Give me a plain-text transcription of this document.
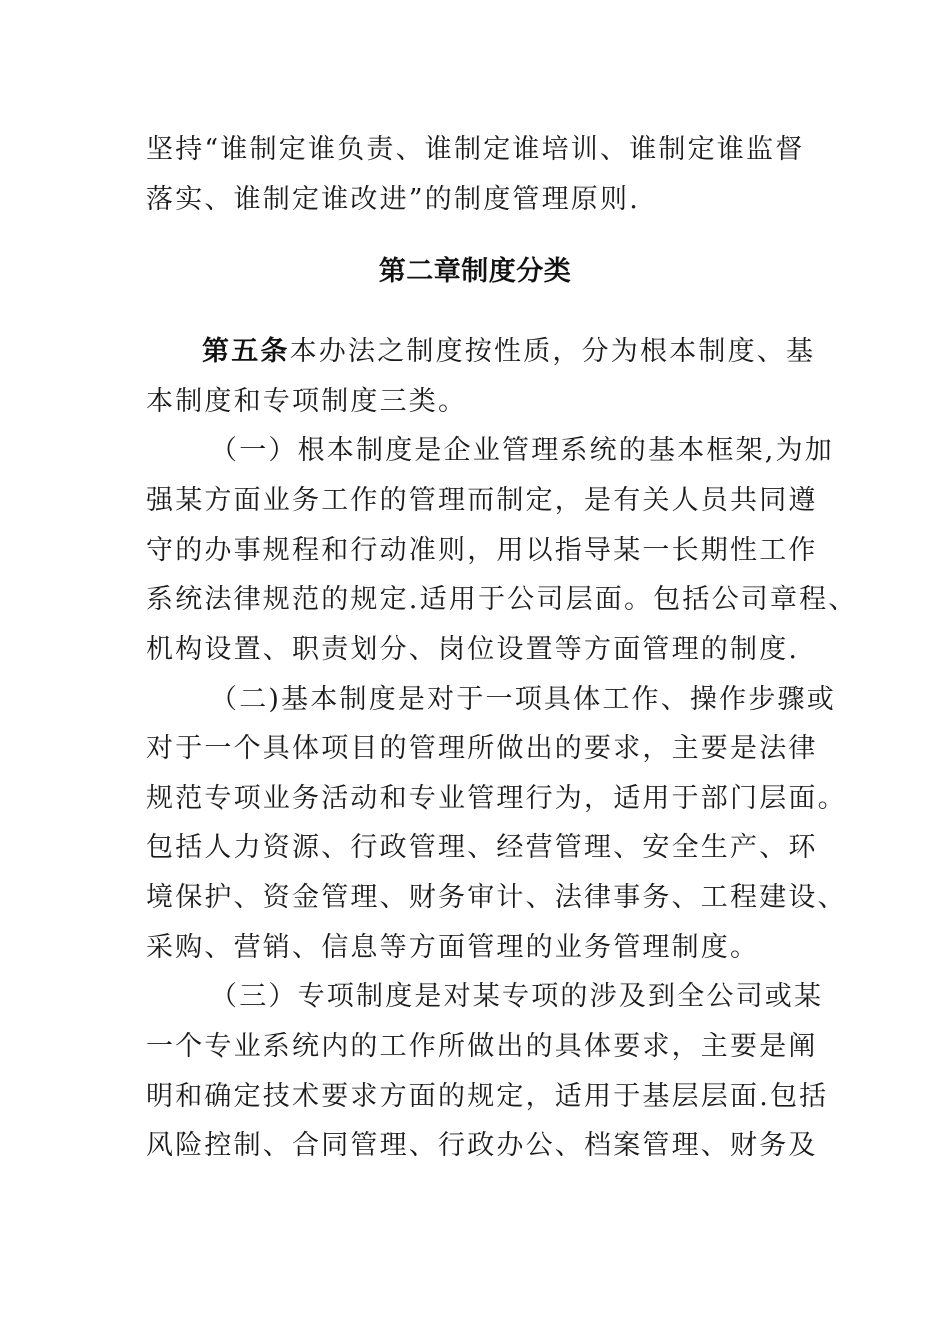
坚持“谁制定谁负责、谁制定谁培训、谁制定谁监督
落实、谁制定谁改进”的制度管理原则.
第二章制度分类
第五条本办法之制度按性质，分为根本制度、基
本制度和专项制度三类。
（一）根本制度是企业管理系统的基本框架,为加
强某方面业务工作的管理而制定，是有关人员共同遵
守的办事规程和行动准则，用以指导某一长期性工作
系统法律规范的规定.适用于公司层面。包括公司章程、
机构设置、职责划分、岗位设置等方面管理的制度.
（二)基本制度是对于一项具体工作、操作步骤或
对于一个具体项目的管理所做出的要求，主要是法律
规范专项业务活动和专业管理行为，适用于部门层面。
包括人力资源、行政管理、经营管理、安全生产、环
境保护、资金管理、财务审计、法律事务、工程建设、
采购、营销、信息等方面管理的业务管理制度。
（三）专项制度是对某专项的涉及到全公司或某
一个专业系统内的工作所做出的具体要求，主要是阐
明和确定技术要求方面的规定，适用于基层层面.包括
风险控制、合同管理、行政办公、档案管理、财务及
